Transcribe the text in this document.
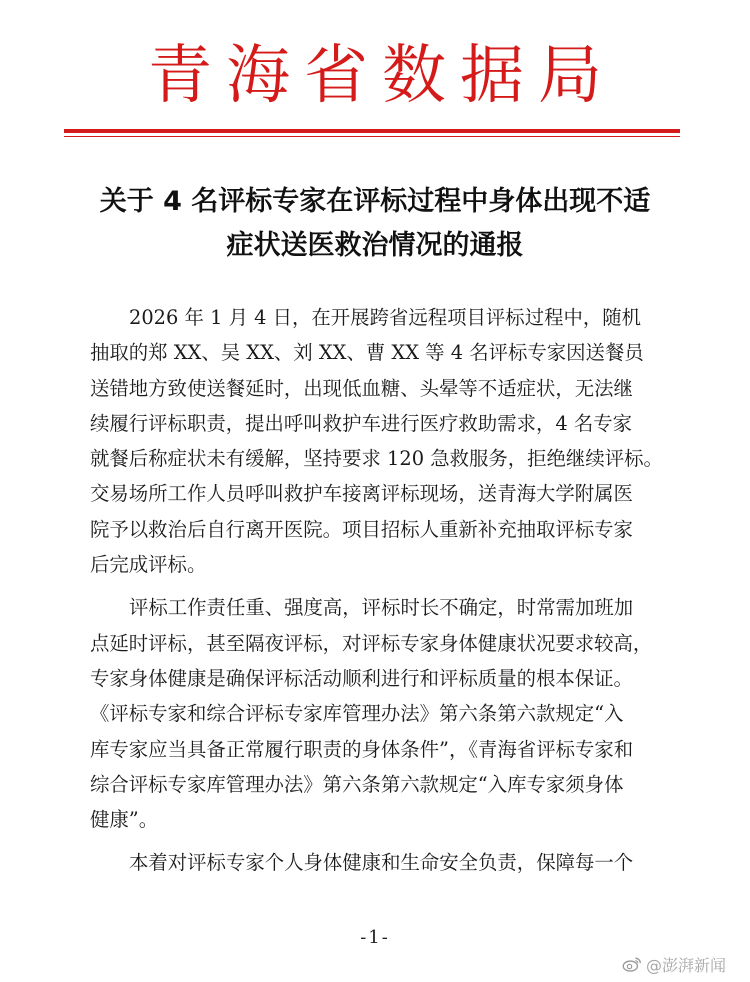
青海省数据局
关于 4 名评标专家在评标过程中身体出现不适
症状送医救治情况的通报
2026 年 1 月 4 日，在开展跨省远程项目评标过程中，随机
抽取的郑 XX、吴 XX、刘 XX、曹 XX 等 4 名评标专家因送餐员
送错地方致使送餐延时，出现低血糖、头晕等不适症状，无法继
续履行评标职责，提出呼叫救护车进行医疗救助需求，4 名专家
就餐后称症状未有缓解，坚持要求 120 急救服务，拒绝继续评标。
交易场所工作人员呼叫救护车接离评标现场，送青海大学附属医
院予以救治后自行离开医院。项目招标人重新补充抽取评标专家
后完成评标。
评标工作责任重、强度高，评标时长不确定，时常需加班加
点延时评标，甚至隔夜评标，对评标专家身体健康状况要求较高，
专家身体健康是确保评标活动顺利进行和评标质量的根本保证。
《评标专家和综合评标专家库管理办法》第六条第六款规定“入
库专家应当具备正常履行职责的身体条件”，《青海省评标专家和
综合评标专家库管理办法》第六条第六款规定“入库专家须身体
健康”。
本着对评标专家个人身体健康和生命安全负责，保障每一个
-1-
@澎湃新闻
